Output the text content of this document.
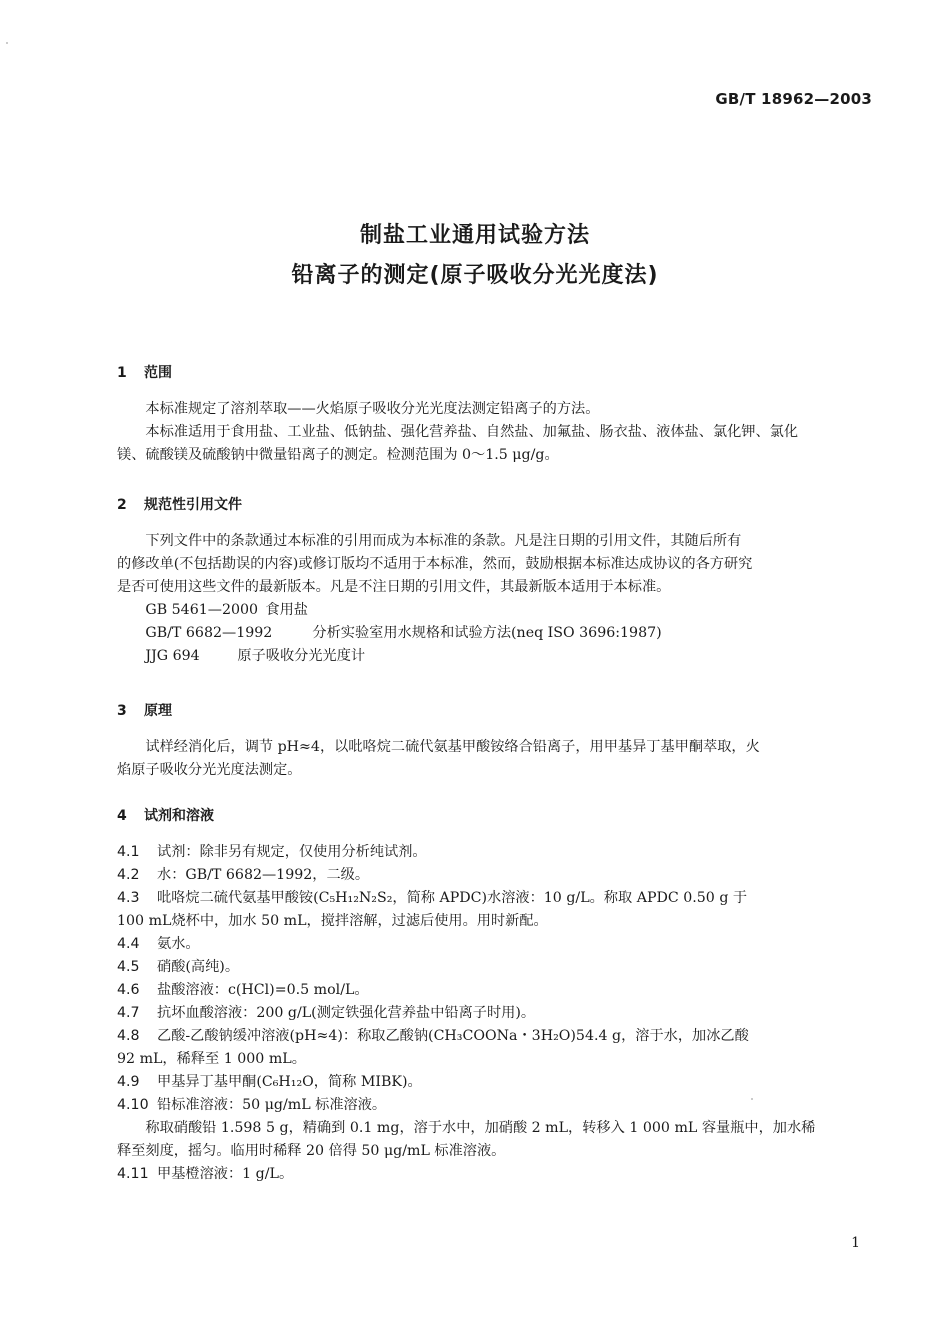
GB/T 18962—2003
制盐工业通用试验方法
铅离子的测定(原子吸收分光光度法)
1 范围

本标准规定了溶剂萃取——火焰原子吸收分光光度法测定铅离子的方法。

本标准适用于食用盐、工业盐、低钠盐、强化营养盐、自然盐、加氟盐、肠衣盐、液体盐、氯化钾、氯化

镁、硫酸镁及硫酸钠中微量铅离子的测定。检测范围为 0～1.5 μg/g。

2 规范性引用文件

下列文件中的条款通过本标准的引用而成为本标准的条款。凡是注日期的引用文件，其随后所有

的修改单(不包括勘误的内容)或修订版均不适用于本标准，然而，鼓励根据本标准达成协议的各方研究

是否可使用这些文件的最新版本。凡是不注日期的引用文件，其最新版本适用于本标准。

GB 5461—2000 食用盐

GB/T 6682—1992	分析实验室用水规格和试验方法(neq ISO 3696:1987)

JJG 694	原子吸收分光光度计

3 原理

试样经消化后，调节 pH≈4，以吡咯烷二硫代氨基甲酸铵络合铅离子，用甲基异丁基甲酮萃取，火

焰原子吸收分光光度法测定。

4 试剂和溶液

4.1 试剂：除非另有规定，仅使用分析纯试剂。

4.2 水：GB/T 6682—1992，二级。

4.3 吡咯烷二硫代氨基甲酸铵(C₅H₁₂N₂S₂，简称 APDC)水溶液：10 g/L。称取 APDC 0.50 g 于

100 mL烧杯中，加水 50 mL，搅拌溶解，过滤后使用。用时新配。

4.4 氨水。

4.5 硝酸(高纯)。

4.6 盐酸溶液：c(HCl)=0.5 mol/L。

4.7 抗坏血酸溶液：200 g/L(测定铁强化营养盐中铅离子时用)。

4.8 乙酸-乙酸钠缓冲溶液(pH≈4)：称取乙酸钠(CH₃COONa・3H₂O)54.4 g，溶于水，加冰乙酸

92 mL，稀释至 1 000 mL。

4.9 甲基异丁基甲酮(C₆H₁₂O，简称 MIBK)。

4.10 铅标准溶液：50 μg/mL 标准溶液。

称取硝酸铅 1.598 5 g，精确到 0.1 mg，溶于水中，加硝酸 2 mL，转移入 1 000 mL 容量瓶中，加水稀

释至刻度，摇匀。临用时稀释 20 倍得 50 μg/mL 标准溶液。

4.11 甲基橙溶液：1 g/L。

1
